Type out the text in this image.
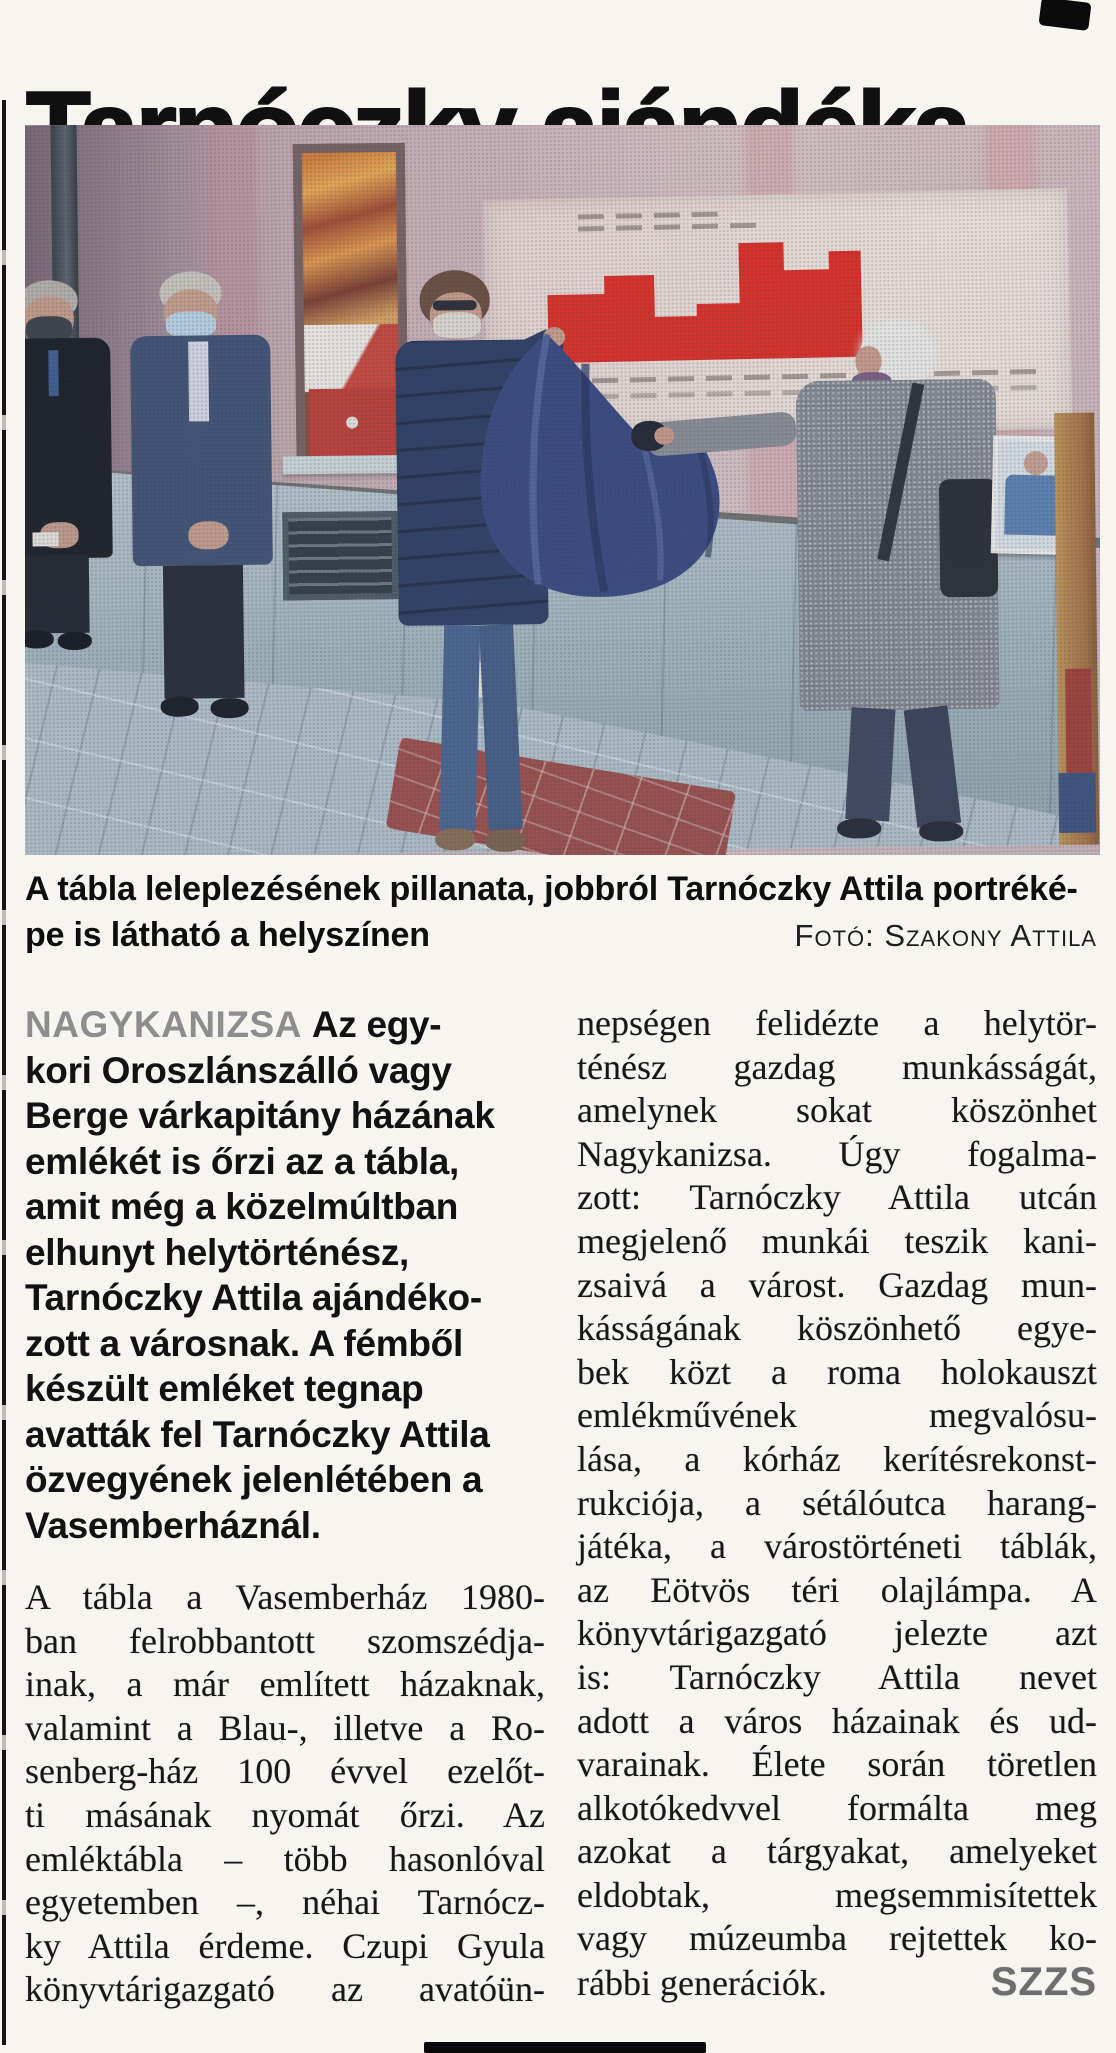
A tábla leleplezésének pillanata, jobbról Tarnóczky Attila portréké-
pe is látható a helyszínen	Fotó: Szakony Attila
NAGYKANIZSA Az egy-
kori Oroszlánszálló vagy
Berge várkapitány házának
emlékét is őrzi az a tábla,
amit még a közelmúltban
elhunyt helytörténész,
Tarnóczky Attila ajándéko-
zott a városnak. A fémből
készült emléket tegnap
avatták fel Tarnóczky Attila
özvegyének jelenlétében a
Vasemberháznál.
A tábla a Vasemberház 1980-
ban felrobbantott szomszédja-
inak, a már említett házaknak,
valamint a Blau-, illetve a Ro-
senberg-ház 100 évvel ezelőt-
ti másának nyomát őrzi. Az
emléktábla – több hasonlóval
egyetemben –, néhai Tarnócz-
ky Attila érdeme. Czupi Gyula
könyvtárigazgató az avatóün-
nepségen felidézte a helytör-
ténész gazdag munkásságát,
amelynek sokat köszönhet
Nagykanizsa. Úgy fogalma-
zott: Tarnóczky Attila utcán
megjelenő munkái teszik kani-
zsaivá a várost. Gazdag mun-
kásságának köszönhető egye-
bek közt a roma holokauszt
emlékművének megvalósu-
lása, a kórház kerítésrekonst-
rukciója, a sétálóutca harang-
játéka, a várostörténeti táblák,
az Eötvös téri olajlámpa. A
könyvtárigazgató jelezte azt
is: Tarnóczky Attila nevet
adott a város házainak és ud-
varainak. Élete során töretlen
alkotókedvvel formálta meg
azokat a tárgyakat, amelyeket
eldobtak, megsemmisítettek
vagy múzeumba rejtettek ko-
rábbi generációk.	SZZS
